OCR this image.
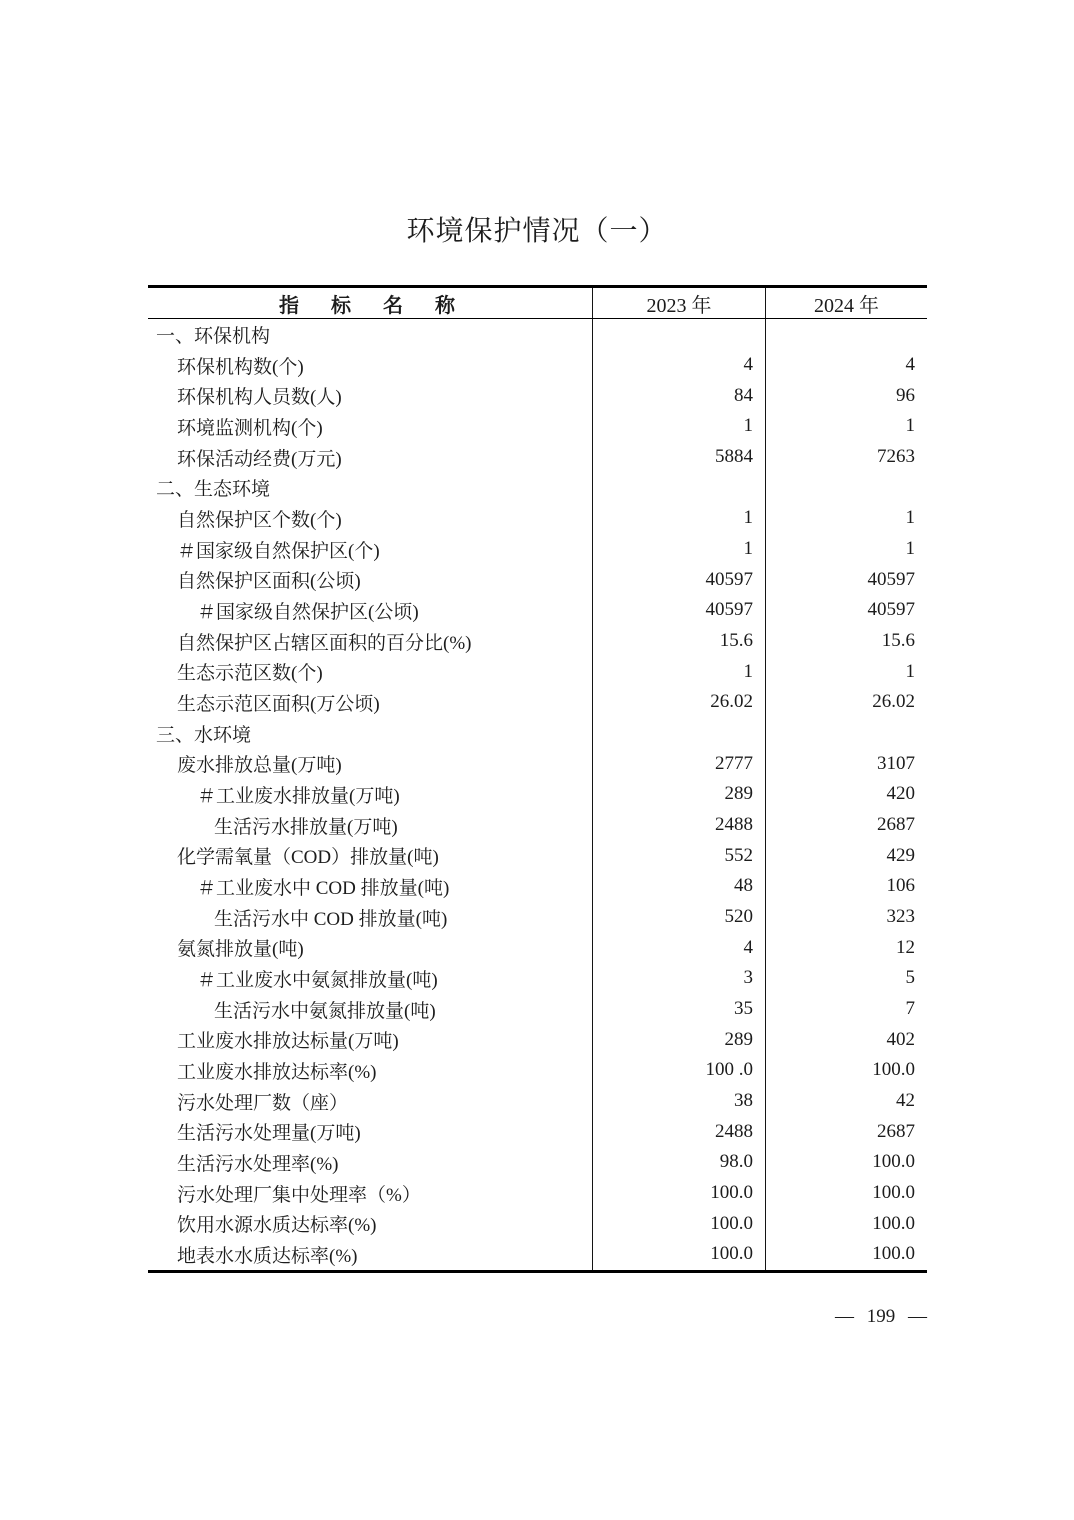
环境保护情况（一）
指　标　名　称	2023 年	2024 年
一、环保机构
环保机构数(个)	4	4
环保机构人员数(人)	84	96
环境监测机构(个)	1	1
环保活动经费(万元)	5884	7263
二、生态环境
自然保护区个数(个)	1	1
＃国家级自然保护区(个)	1	1
自然保护区面积(公顷)	40597	40597
＃国家级自然保护区(公顷)	40597	40597
自然保护区占辖区面积的百分比(%)	15.6	15.6
生态示范区数(个)	1	1
生态示范区面积(万公顷)	26.02	26.02
三、水环境
废水排放总量(万吨)	2777	3107
＃工业废水排放量(万吨)	289	420
生活污水排放量(万吨)	2488	2687
化学需氧量（COD）排放量(吨)	552	429
＃工业废水中 COD 排放量(吨)	48	106
生活污水中 COD 排放量(吨)	520	323
氨氮排放量(吨)	4	12
＃工业废水中氨氮排放量(吨)	3	5
生活污水中氨氮排放量(吨)	35	7
工业废水排放达标量(万吨)	289	402
工业废水排放达标率(%)	100 .0	100.0
污水处理厂数（座）	38	42
生活污水处理量(万吨)	2488	2687
生活污水处理率(%)	98.0	100.0
污水处理厂集中处理率（%）	100.0	100.0
饮用水源水质达标率(%)	100.0	100.0
地表水水质达标率(%)	100.0	100.0
— 199 —
